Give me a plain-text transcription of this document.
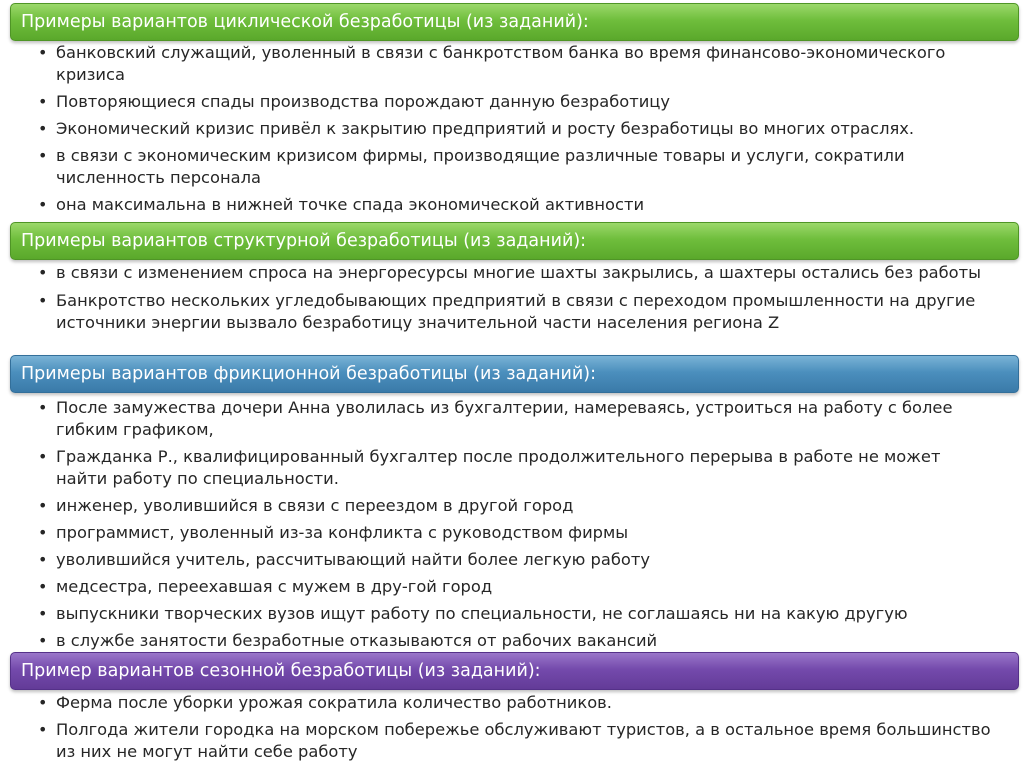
• банковский служащий, уволенный в связи с банкротством банка во время финансово-экономического кризиса
• Повторяющиеся спады производства порождают данную безработицу
• Экономический кризис привёл к закрытию предприятий и росту безработицы во многих отраслях.
• в связи с экономическим кризисом фирмы, производящие различные товары и услуги, сократили численность персонала
• она максимальна в нижней точке спада экономической активности
Примеры вариантов циклической безработицы (из заданий):
• в связи с изменением спроса на энергоресурсы многие шахты закрылись, а шахтеры остались без работы
• Банкротство нескольких угледобывающих предприятий в связи с переходом промышленности на другие источники энергии вызвало безработицу значительной части населения региона Z
Примеры вариантов структурной безработицы (из заданий):
• После замужества дочери Анна уволилась из бухгалтерии, намереваясь, устроиться на работу с более гибким графиком,
• Гражданка Р., квалифицированный бухгалтер после продолжительного перерыва в работе не может найти работу по специальности.
• инженер, уволившийся в связи с переездом в другой город
• программист, уволенный из-за конфликта с руководством фирмы
• уволившийся учитель, рассчитывающий найти более легкую работу
• медсестра, переехавшая с мужем в дру-гой город
• выпускники творческих вузов ищут работу по специальности, не соглашаясь ни на какую другую
• в службе занятости безработные отказываются от рабочих вакансий
Примеры вариантов фрикционной безработицы (из заданий):
• Ферма после уборки урожая сократила количество работников.
• Полгода жители городка на морском побережье обслуживают туристов, а в остальное время большинство из них не могут найти себе работу
Пример вариантов сезонной безработицы (из заданий):
